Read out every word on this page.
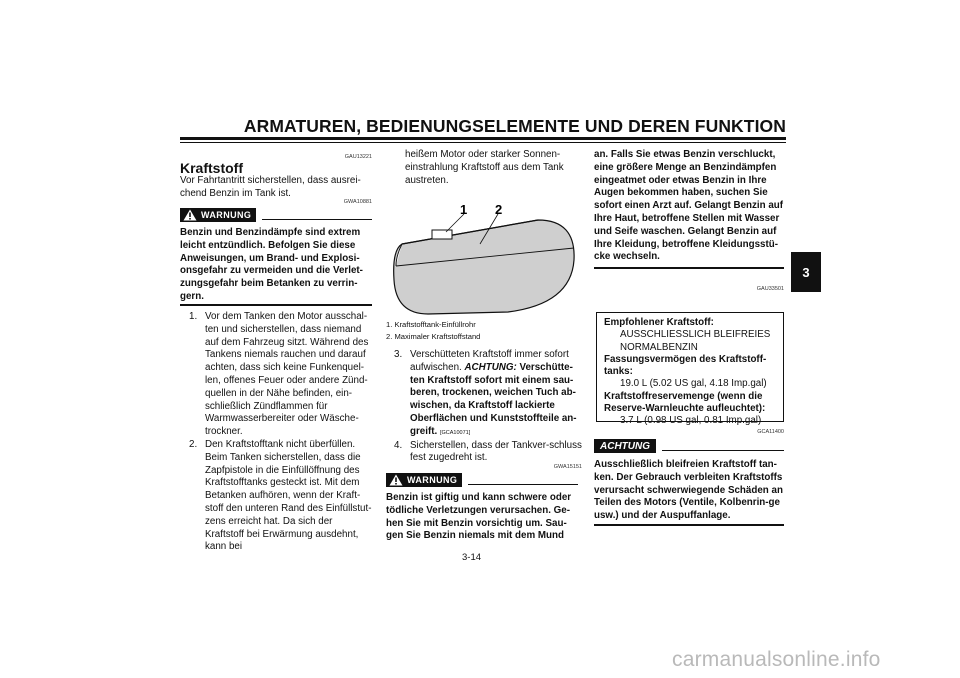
ARMATUREN, BEDIENUNGSELEMENTE UND DEREN FUNKTION
3
GAU13221
Kraftstoff
Vor Fahrtantritt sicherstellen, dass ausrei-chend Benzin im Tank ist.
GWA10881
WARNUNG
Benzin und Benzindämpfe sind extrem leicht entzündlich. Befolgen Sie diese Anweisungen, um Brand- und Explosi-onsgefahr zu vermeiden und die Verlet-zungsgefahr beim Betanken zu verrin-gern.
1. Vor dem Tanken den Motor ausschal-ten und sicherstellen, dass niemand auf dem Fahrzeug sitzt. Während des Tankens niemals rauchen und darauf achten, dass sich keine Funkenquel-len, offenes Feuer oder andere Zünd-quellen in der Nähe befinden, ein-schließlich Zündflammen für Warmwasserbereiter oder Wäsche-trockner.
2. Den Kraftstofftank nicht überfüllen. Beim Tanken sicherstellen, dass die Zapfpistole in die Einfüllöffnung des Kraftstofftanks gesteckt ist. Mit dem Betanken aufhören, wenn der Kraft-stoff den unteren Rand des Einfüllstut-zens erreicht hat. Da sich der Kraftstoff bei Erwärmung ausdehnt, kann bei
heißem Motor oder starker Sonnen-einstrahlung Kraftstoff aus dem Tank austreten.
1 2
1. Kraftstofftank-Einfüllrohr
2. Maximaler Kraftstoffstand
3. Verschütteten Kraftstoff immer sofort aufwischen. ACHTUNG: Verschütte-ten Kraftstoff sofort mit einem sau-beren, trockenen, weichen Tuch ab-wischen, da Kraftstoff lackierte Oberflächen und Kunststoffteile an-greift. [GCA10071]
4. Sicherstellen, dass der Tankver-schluss fest zugedreht ist.
GWA15151
WARNUNG
Benzin ist giftig und kann schwere oder tödliche Verletzungen verursachen. Ge-hen Sie mit Benzin vorsichtig um. Sau-gen Sie Benzin niemals mit dem Mund
an. Falls Sie etwas Benzin verschluckt, eine größere Menge an Benzindämpfen eingeatmet oder etwas Benzin in Ihre Augen bekommen haben, suchen Sie sofort einen Arzt auf. Gelangt Benzin auf Ihre Haut, betroffene Stellen mit Wasser und Seife waschen. Gelangt Benzin auf Ihre Kleidung, betroffene Kleidungsstü-cke wechseln.
GAU33501
Empfohlener Kraftstoff:
AUSSCHLIESSLICH BLEIFREIES
NORMALBENZIN
Fassungsvermögen des Kraftstoff-tanks:
19.0 L (5.02 US gal, 4.18 Imp.gal)
Kraftstoffreservemenge (wenn die Reserve-Warnleuchte aufleuchtet):
3.7 L (0.98 US gal, 0.81 Imp.gal)
GCA11400
ACHTUNG
Ausschließlich bleifreien Kraftstoff tan-ken. Der Gebrauch verbleiten Kraftstoffs verursacht schwerwiegende Schäden an Teilen des Motors (Ventile, Kolbenrin-ge usw.) und der Auspuffanlage.
3-14
carmanualsonline.info
